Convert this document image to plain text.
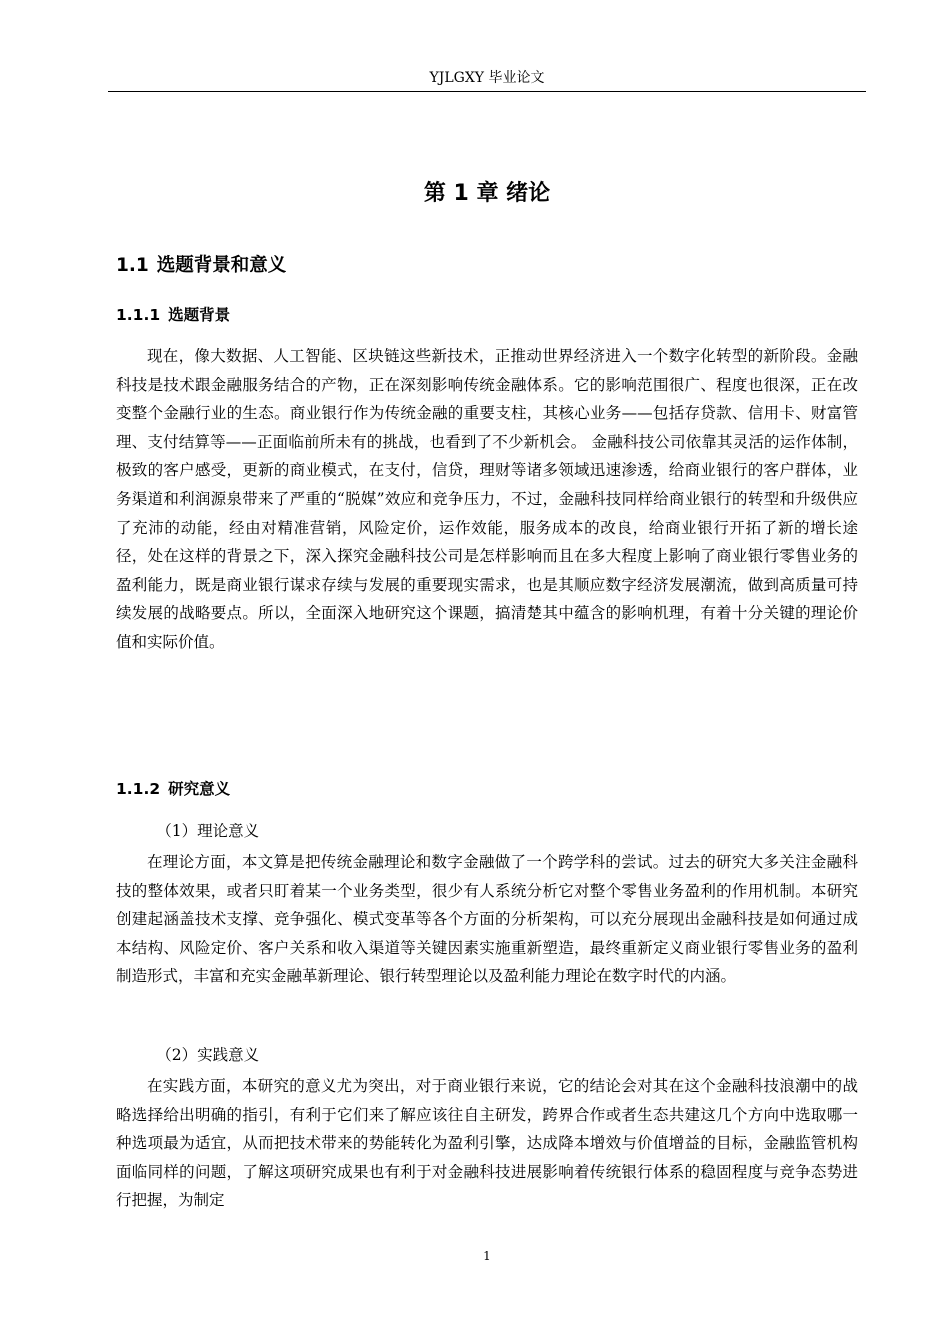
YJLGXY 毕业论文
第 1 章 绪论
1.1 选题背景和意义
1.1.1 选题背景

现在，像大数据、人工智能、区块链这些新技术，正推动世界经济进入一个数字化转型的新阶段。金融科技是技术跟金融服务结合的产物，正在深刻影响传统金融体系。它的影响范围很广、程度也很深，正在改变整个金融行业的生态。商业银行作为传统金融的重要支柱，其核心业务——包括存贷款、信用卡、财富管理、支付结算等——正面临前所未有的挑战，也看到了不少新机会。 金融科技公司依靠其灵活的运作体制，极致的客户感受，更新的商业模式，在支付，信贷，理财等诸多领域迅速渗透，给商业银行的客户群体，业务渠道和利润源泉带来了严重的“脱媒”效应和竞争压力，不过，金融科技同样给商业银行的转型和升级供应了充沛的动能，经由对精准营销，风险定价，运作效能，服务成本的改良，给商业银行开拓了新的增长途径，处在这样的背景之下，深入探究金融科技公司是怎样影响而且在多大程度上影响了商业银行零售业务的盈利能力，既是商业银行谋求存续与发展的重要现实需求，也是其顺应数字经济发展潮流，做到高质量可持续发展的战略要点。所以，全面深入地研究这个课题，搞清楚其中蕴含的影响机理，有着十分关键的理论价值和实际价值。

1.1.2 研究意义

（1）理论意义

在理论方面，本文算是把传统金融理论和数字金融做了一个跨学科的尝试。过去的研究大多关注金融科技的整体效果，或者只盯着某一个业务类型，很少有人系统分析它对整个零售业务盈利的作用机制。本研究创建起涵盖技术支撑、竞争强化、模式变革等各个方面的分析架构，可以充分展现出金融科技是如何通过成本结构、风险定价、客户关系和收入渠道等关键因素实施重新塑造，最终重新定义商业银行零售业务的盈利制造形式，丰富和充实金融革新理论、银行转型理论以及盈利能力理论在数字时代的内涵。

（2）实践意义

在实践方面，本研究的意义尤为突出，对于商业银行来说，它的结论会对其在这个金融科技浪潮中的战略选择给出明确的指引，有利于它们来了解应该往自主研发，跨界合作或者生态共建这几个方向中选取哪一种选项最为适宜，从而把技术带来的势能转化为盈利引擎，达成降本增效与价值增益的目标，金融监管机构面临同样的问题，了解这项研究成果也有利于对金融科技进展影响着传统银行体系的稳固程度与竞争态势进行把握，为制定

1
